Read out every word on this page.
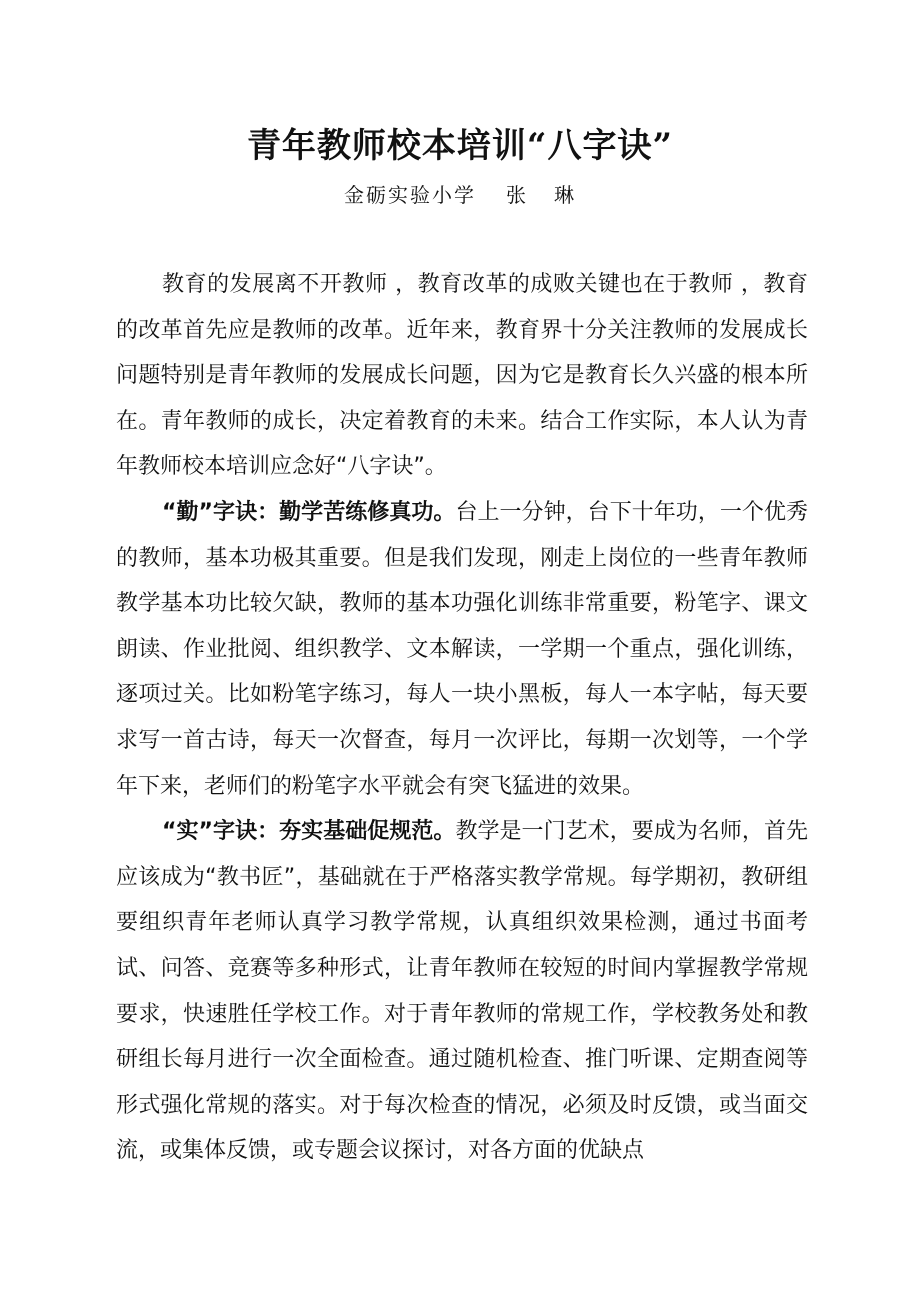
青年教师校本培训“八字诀”
金砺实验小学 张 琳

教育的发展离不开教师 ，教育改革的成败关键也在于教师 ，教育的改革首先应是教师的改革。近年来，教育界十分关注教师的发展成长问题特别是青年教师的发展成长问题，因为它是教育长久兴盛的根本所在。青年教师的成长，决定着教育的未来。结合工作实际，本人认为青年教师校本培训应念好“八字诀”。

“勤”字诀：勤学苦练修真功。台上一分钟，台下十年功，一个优秀的教师，基本功极其重要。但是我们发现，刚走上岗位的一些青年教师教学基本功比较欠缺，教师的基本功强化训练非常重要，粉笔字、课文朗读、作业批阅、组织教学、文本解读，一学期一个重点，强化训练，逐项过关。比如粉笔字练习，每人一块小黑板，每人一本字帖，每天要求写一首古诗，每天一次督查，每月一次评比，每期一次划等，一个学年下来，老师们的粉笔字水平就会有突飞猛进的效果。

“实”字诀：夯实基础促规范。教学是一门艺术，要成为名师，首先应该成为“教书匠”，基础就在于严格落实教学常规。每学期初，教研组要组织青年老师认真学习教学常规，认真组织效果检测，通过书面考试、问答、竞赛等多种形式，让青年教师在较短的时间内掌握教学常规要求，快速胜任学校工作。对于青年教师的常规工作，学校教务处和教研组长每月进行一次全面检查。通过随机检查、推门听课、定期查阅等形式强化常规的落实。对于每次检查的情况，必须及时反馈，或当面交流，或集体反馈，或专题会议探讨，对各方面的优缺点
